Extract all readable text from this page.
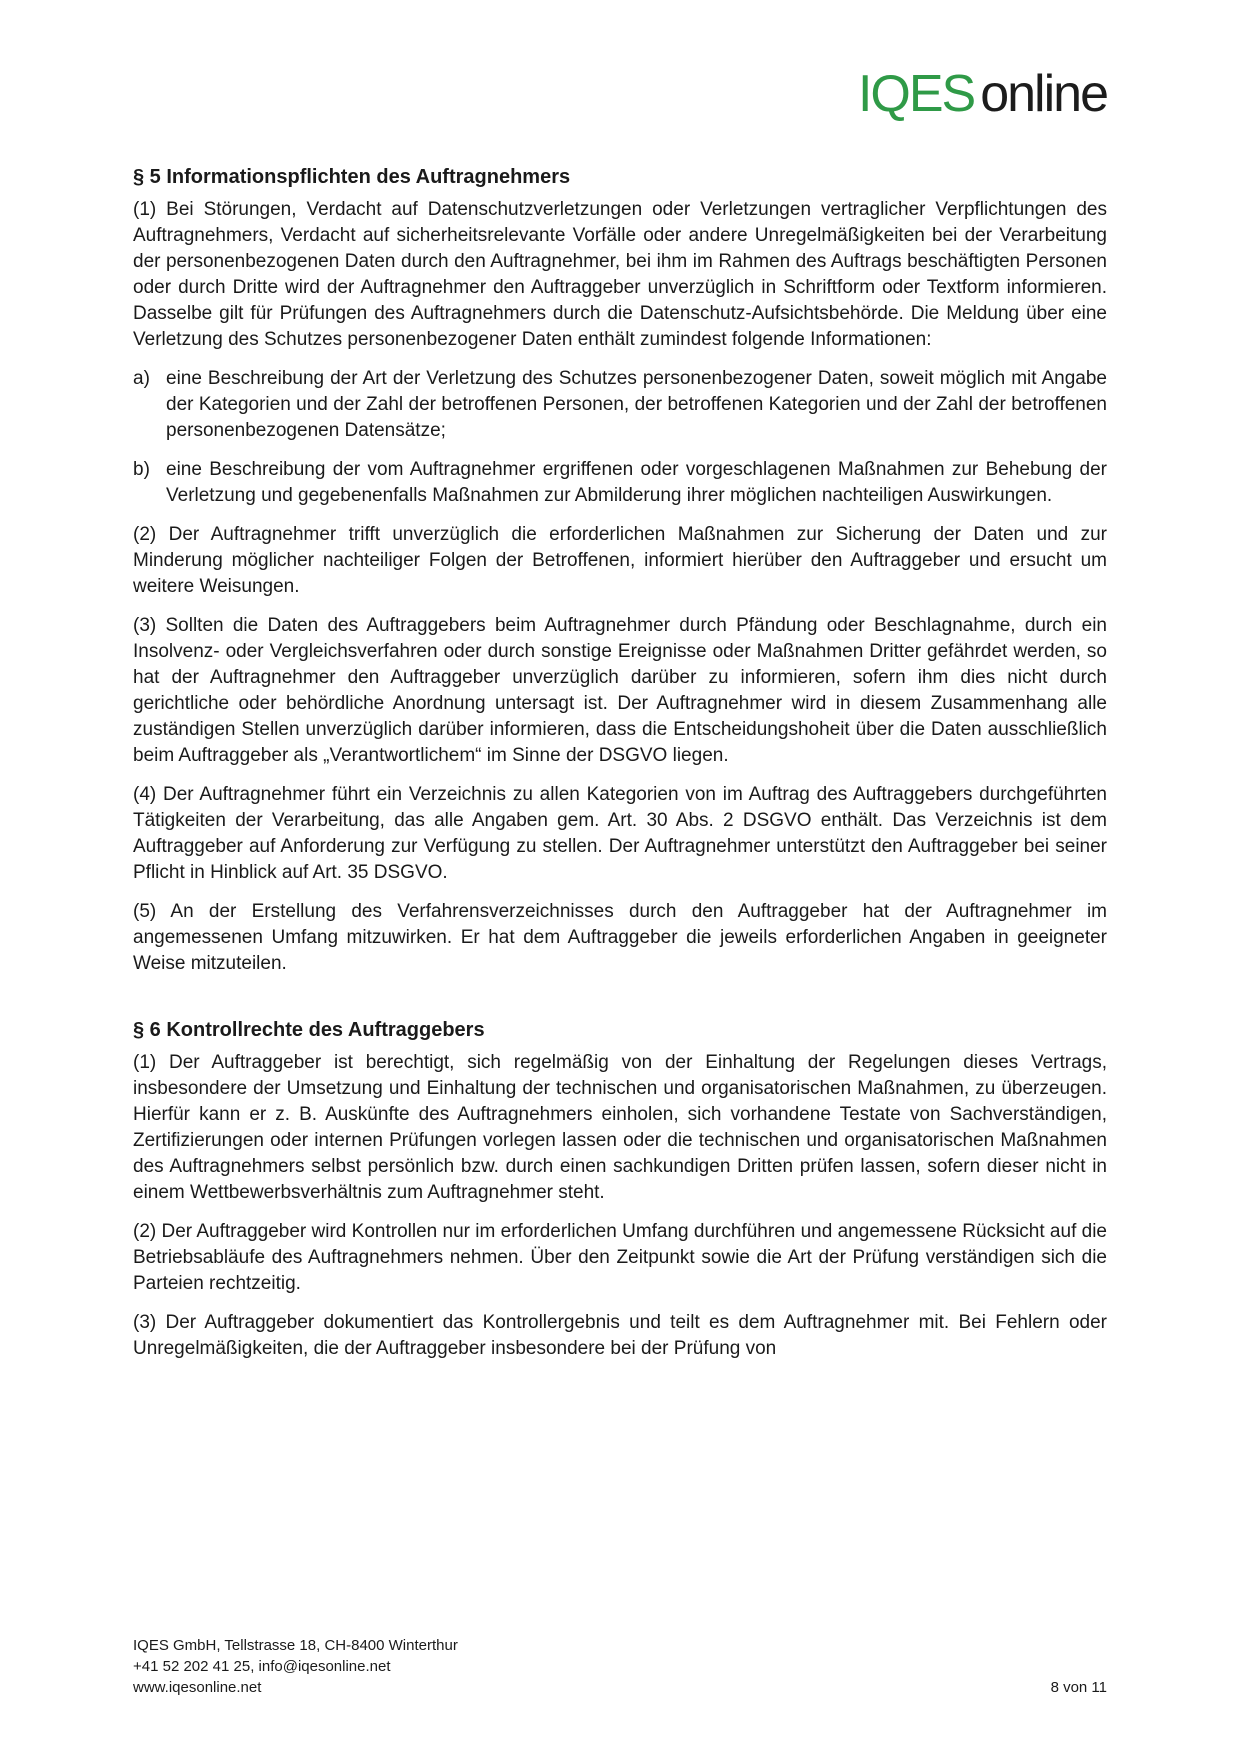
IQES online
§ 5 Informationspflichten des Auftragnehmers

(1) Bei Störungen, Verdacht auf Datenschutzverletzungen oder Verletzungen vertraglicher Verpflichtungen des Auftragnehmers, Verdacht auf sicherheitsrelevante Vorfälle oder andere Unregelmäßigkeiten bei der Verarbeitung der personenbezogenen Daten durch den Auftragnehmer, bei ihm im Rahmen des Auftrags beschäftigten Personen oder durch Dritte wird der Auftragnehmer den Auftraggeber unverzüglich in Schriftform oder Textform informieren. Dasselbe gilt für Prüfungen des Auftragnehmers durch die Datenschutz-Aufsichtsbehörde. Die Meldung über eine Verletzung des Schutzes personenbezogener Daten enthält zumindest folgende Informationen:

a) eine Beschreibung der Art der Verletzung des Schutzes personenbezogener Daten, soweit möglich mit Angabe der Kategorien und der Zahl der betroffenen Personen, der betroffenen Kategorien und der Zahl der betroffenen personenbezogenen Datensätze;
b) eine Beschreibung der vom Auftragnehmer ergriffenen oder vorgeschlagenen Maßnahmen zur Behebung der Verletzung und gegebenenfalls Maßnahmen zur Abmilderung ihrer möglichen nachteiligen Auswirkungen.

(2) Der Auftragnehmer trifft unverzüglich die erforderlichen Maßnahmen zur Sicherung der Daten und zur Minderung möglicher nachteiliger Folgen der Betroffenen, informiert hierüber den Auftraggeber und ersucht um weitere Weisungen.

(3) Sollten die Daten des Auftraggebers beim Auftragnehmer durch Pfändung oder Beschlagnahme, durch ein Insolvenz- oder Vergleichsverfahren oder durch sonstige Ereignisse oder Maßnahmen Dritter gefährdet werden, so hat der Auftragnehmer den Auftraggeber unverzüglich darüber zu informieren, sofern ihm dies nicht durch gerichtliche oder behördliche Anordnung untersagt ist. Der Auftragnehmer wird in diesem Zusammenhang alle zuständigen Stellen unverzüglich darüber informieren, dass die Entscheidungshoheit über die Daten ausschließlich beim Auftraggeber als „Verantwortlichem“ im Sinne der DSGVO liegen.

(4) Der Auftragnehmer führt ein Verzeichnis zu allen Kategorien von im Auftrag des Auftraggebers durchgeführten Tätigkeiten der Verarbeitung, das alle Angaben gem. Art. 30 Abs. 2 DSGVO enthält. Das Verzeichnis ist dem Auftraggeber auf Anforderung zur Verfügung zu stellen. Der Auftragnehmer unterstützt den Auftraggeber bei seiner Pflicht in Hinblick auf Art. 35 DSGVO.

(5) An der Erstellung des Verfahrensverzeichnisses durch den Auftraggeber hat der Auftragnehmer im angemessenen Umfang mitzuwirken. Er hat dem Auftraggeber die jeweils erforderlichen Angaben in geeigneter Weise mitzuteilen.

§ 6 Kontrollrechte des Auftraggebers

(1) Der Auftraggeber ist berechtigt, sich regelmäßig von der Einhaltung der Regelungen dieses Vertrags, insbesondere der Umsetzung und Einhaltung der technischen und organisatorischen Maßnahmen, zu überzeugen. Hierfür kann er z. B. Auskünfte des Auftragnehmers einholen, sich vorhandene Testate von Sachverständigen, Zertifizierungen oder internen Prüfungen vorlegen lassen oder die technischen und organisatorischen Maßnahmen des Auftragnehmers selbst persönlich bzw. durch einen sachkundigen Dritten prüfen lassen, sofern dieser nicht in einem Wettbewerbsverhältnis zum Auftragnehmer steht.

(2) Der Auftraggeber wird Kontrollen nur im erforderlichen Umfang durchführen und angemessene Rücksicht auf die Betriebsabläufe des Auftragnehmers nehmen. Über den Zeitpunkt sowie die Art der Prüfung verständigen sich die Parteien rechtzeitig.

(3) Der Auftraggeber dokumentiert das Kontrollergebnis und teilt es dem Auftragnehmer mit. Bei Fehlern oder Unregelmäßigkeiten, die der Auftraggeber insbesondere bei der Prüfung von

IQES GmbH, Tellstrasse 18, CH-8400 Winterthur
+41 52 202 41 25, info@iqesonline.net
www.iqesonline.net	8 von 11
